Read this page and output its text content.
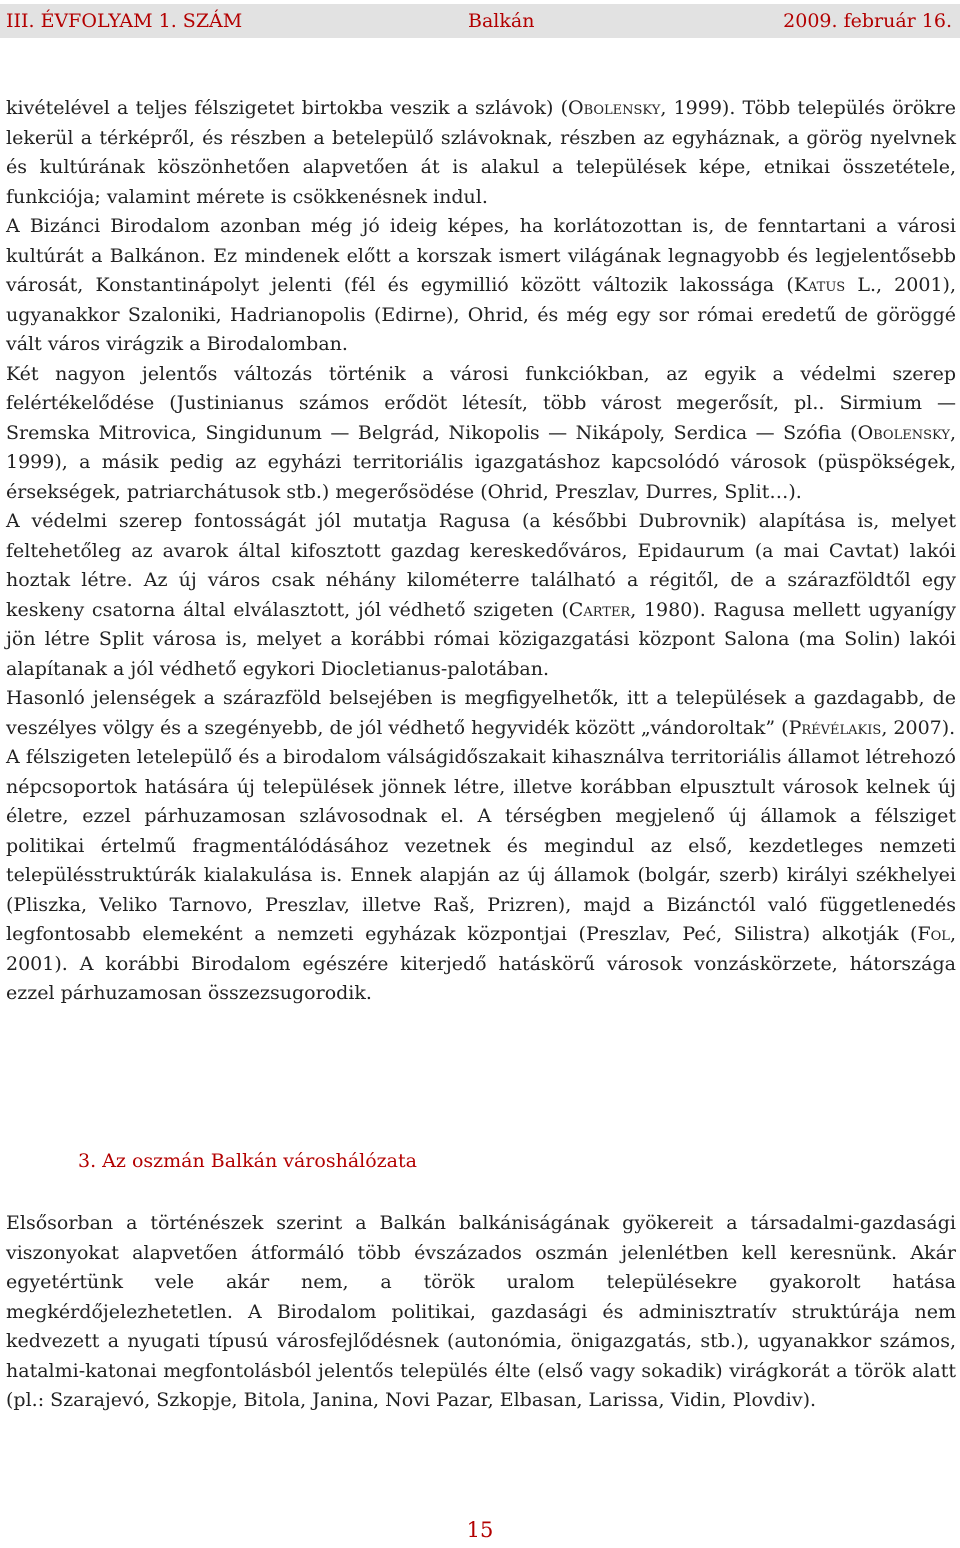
III. ÉVFOLYAM 1. SZÁM	Balkán	2009. február 16.

kivételével a teljes félszigetet birtokba veszik a szlávok) (Obolensky, 1999). Több település örökre lekerül a térképről, és részben a betelepülő szlávoknak, részben az egyháznak, a görög nyelvnek és kultúrának köszönhetően alapvetően át is alakul a települések képe, etnikai összetétele, funkciója; valamint mérete is csökkenésnek indul.

A Bizánci Birodalom azonban még jó ideig képes, ha korlátozottan is, de fenntartani a városi kultúrát a Balkánon. Ez mindenek előtt a korszak ismert világának legnagyobb és legjelentősebb városát, Konstantinápolyt jelenti (fél és egymillió között változik lakossága (Katus L., 2001), ugyanakkor Szaloniki, Hadrianopolis (Edirne), Ohrid, és még egy sor római eredetű de göröggé vált város virágzik a Birodalomban.

Két nagyon jelentős változás történik a városi funkciókban, az egyik a védelmi szerep felértékelődése (Justinianus számos erődöt létesít, több várost megerősít, pl.. Sirmium — Sremska Mitrovica, Singidunum — Belgrád, Nikopolis — Nikápoly, Serdica — Szófia (Obolensky, 1999), a másik pedig az egyházi territoriális igazgatáshoz kapcsolódó városok (püspökségek, érsekségek, patriarchátusok stb.) megerősödése (Ohrid, Preszlav, Durres, Split…).

A védelmi szerep fontosságát jól mutatja Ragusa (a későbbi Dubrovnik) alapítása is, melyet feltehetőleg az avarok által kifosztott gazdag kereskedőváros, Epidaurum (a mai Cavtat) lakói hoztak létre. Az új város csak néhány kilométerre található a régitől, de a szárazföldtől egy keskeny csatorna által elválasztott, jól védhető szigeten (Carter, 1980). Ragusa mellett ugyanígy jön létre Split városa is, melyet a korábbi római közigazgatási központ Salona (ma Solin) lakói alapítanak a jól védhető egykori Diocletianus-palotában.

Hasonló jelenségek a szárazföld belsejében is megfigyelhetők, itt a települések a gazdagabb, de veszélyes völgy és a szegényebb, de jól védhető hegyvidék között „vándoroltak” (Prévélakis, 2007).

A félszigeten letelepülő és a birodalom válságidőszakait kihasználva territoriális államot létrehozó népcsoportok hatására új települések jönnek létre, illetve korábban elpusztult városok kelnek új életre, ezzel párhuzamosan szlávosodnak el. A térségben megjelenő új államok a félsziget politikai értelmű fragmentálódásához vezetnek és megindul az első, kezdetleges nemzeti településstruktúrák kialakulása is. Ennek alapján az új államok (bolgár, szerb) királyi székhelyei (Pliszka, Veliko Tarnovo, Preszlav, illetve Raš, Prizren), majd a Bizánctól való függetlenedés legfontosabb elemeként a nemzeti egyházak központjai (Preszlav, Peć, Silistra) alkotják (Fol, 2001). A korábbi Birodalom egészére kiterjedő hatáskörű városok vonzáskörzete, hátországa ezzel párhuzamosan összezsugorodik.

3. Az oszmán Balkán városhálózata

Elsősorban a történészek szerint a Balkán balkániságának gyökereit a társadalmi-gazdasági viszonyokat alapvetően átformáló több évszázados oszmán jelenlétben kell keresnünk. Akár egyetértünk vele akár nem, a török uralom településekre gyakorolt hatása megkérdőjelezhetetlen. A Birodalom politikai, gazdasági és adminisztratív struktúrája nem kedvezett a nyugati típusú városfejlődésnek (autonómia, önigazgatás, stb.), ugyanakkor számos, hatalmi-katonai megfontolásból jelentős település élte (első vagy sokadik) virágkorát a török alatt (pl.: Szarajevó, Szkopje, Bitola, Janina, Novi Pazar, Elbasan, Larissa, Vidin, Plovdiv).

15
